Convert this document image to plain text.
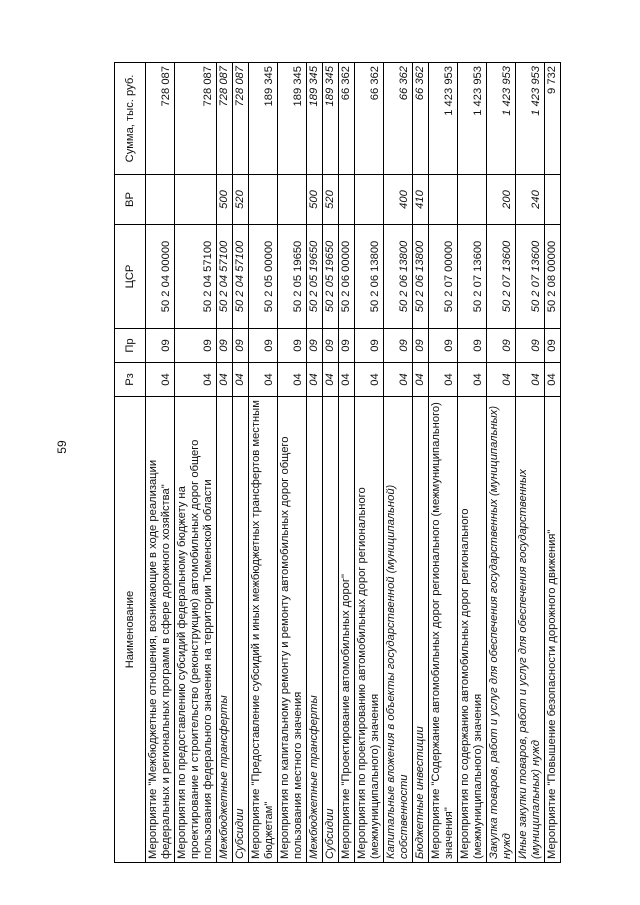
59
Наименование	Рз	Пр	ЦСР	ВР	Сумма, тыс. руб.
Мероприятие "Межбюджетные отношения, возникающие в ходе реализации федеральных и региональных программ в сфере дорожного хозяйства"	04	09	50 2 04 00000		728 087
Мероприятия по предоставлению субсидий федеральному бюджету на проектирование и строительство (реконструкцию) автомобильных дорог общего пользования федерального значения на территории Тюменской области	04	09	50 2 04 57100		728 087
Межбюджетные трансферты	04	09	50 2 04 57100	500	728 087
Субсидии	04	09	50 2 04 57100	520	728 087
Мероприятие "Предоставление субсидий и иных межбюджетных трансфертов местным бюджетам"	04	09	50 2 05 00000		189 345
Мероприятия по капитальному ремонту и ремонту автомобильных дорог общего пользования местного значения	04	09	50 2 05 19650		189 345
Межбюджетные трансферты	04	09	50 2 05 19650	500	189 345
Субсидии	04	09	50 2 05 19650	520	189 345
Мероприятие "Проектирование автомобильных дорог"	04	09	50 2 06 00000		66 362
Мероприятия по проектированию автомобильных дорог регионального (межмуниципального) значения	04	09	50 2 06 13800		66 362
Капитальные вложения в объекты государственной (муниципальной) собственности	04	09	50 2 06 13800	400	66 362
Бюджетные инвестиции	04	09	50 2 06 13800	410	66 362
Мероприятие "Содержание автомобильных дорог регионального (межмуниципального) значения"	04	09	50 2 07 00000		1 423 953
Мероприятия по содержанию автомобильных дорог регионального (межмуниципального) значения	04	09	50 2 07 13600		1 423 953
Закупка товаров, работ и услуг для обеспечения государственных (муниципальных) нужд	04	09	50 2 07 13600	200	1 423 953
Иные закупки товаров, работ и услуг для обеспечения государственных (муниципальных) нужд	04	09	50 2 07 13600	240	1 423 953
Мероприятие "Повышение безопасности дорожного движения"	04	09	50 2 08 00000		9 732
